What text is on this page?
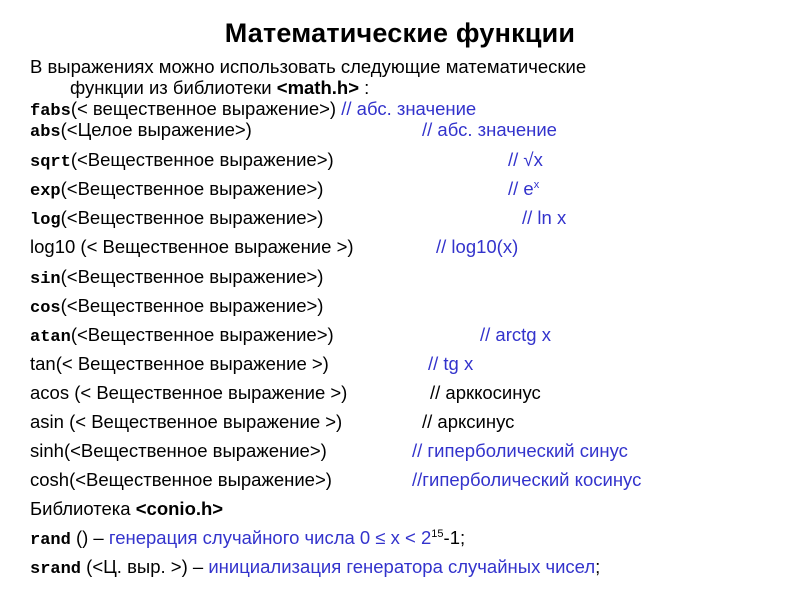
Математические функции
В выражениях можно использовать следующие математические
функции из библиотеки <math.h> :
fabs(< вещественное выражение>) // абс. значение
abs(<Целое выражение>)	// абс. значение
sqrt(<Вещественное выражение>)	// √x
exp(<Вещественное выражение>)	// $e^x$
log(<Вещественное выражение>)	// ln x
log10 (< Вещественное выражение >)	// log10(x)
sin(<Вещественное выражение>)
cos(<Вещественное выражение>)
atan(<Вещественное выражение>)	// arctg x
tan(< Вещественное выражение >)	// tg x
acos (< Вещественное выражение >)	// арккосинус
asin (< Вещественное выражение >)	// арксинус
sinh(<Вещественное выражение>)	// гиперболический синус
cosh(<Вещественное выражение>)	//гиперболический косинус
Библиотека <conio.h>
rand () – генерация случайного числа $0 \le x < 2^{15}-1$;
srand (<Ц. выр. >) – инициализация генератора случайных чисел;
